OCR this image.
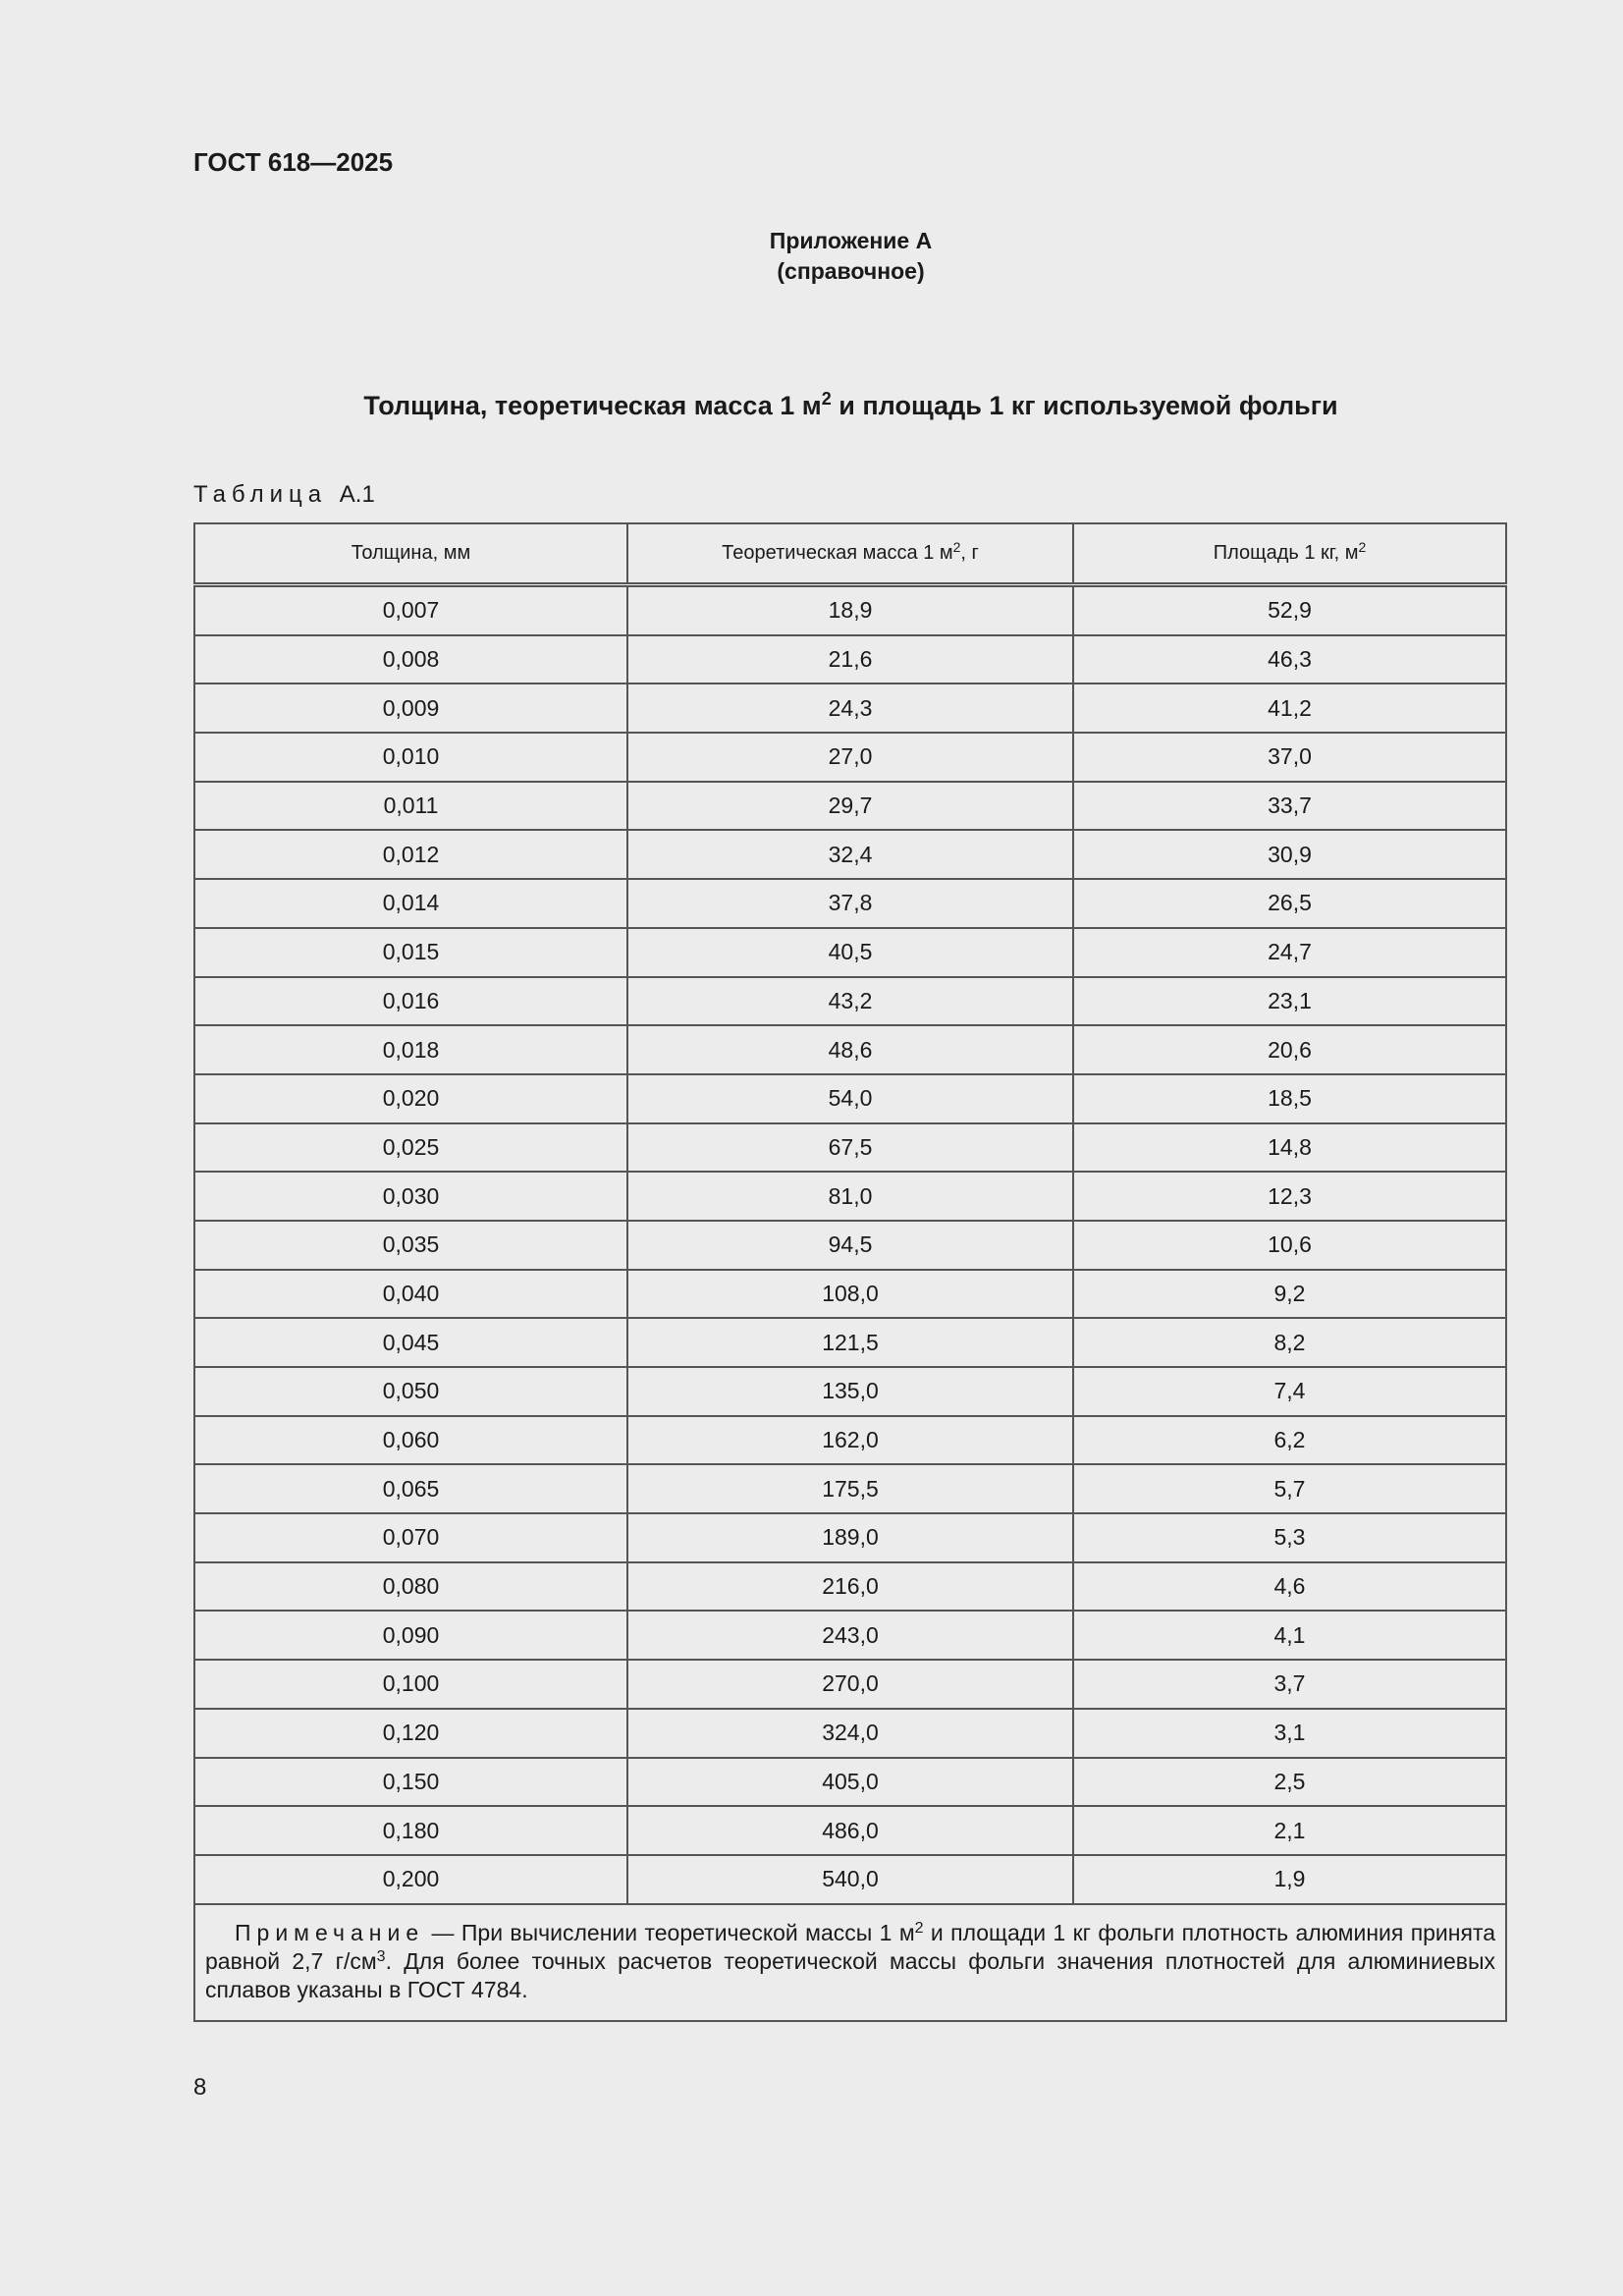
ГОСТ 618—2025
Приложение А
(справочное)
Толщина, теоретическая масса 1 $м^2$ и площадь 1 кг используемой фольги
Таблица А.1
Толщина, мм	Теоретическая масса 1 $м^2$, г	Площадь 1 кг, $м^2$
0,007	18,9	52,9
0,008	21,6	46,3
0,009	24,3	41,2
0,010	27,0	37,0
0,011	29,7	33,7
0,012	32,4	30,9
0,014	37,8	26,5
0,015	40,5	24,7
0,016	43,2	23,1
0,018	48,6	20,6
0,020	54,0	18,5
0,025	67,5	14,8
0,030	81,0	12,3
0,035	94,5	10,6
0,040	108,0	9,2
0,045	121,5	8,2
0,050	135,0	7,4
0,060	162,0	6,2
0,065	175,5	5,7
0,070	189,0	5,3
0,080	216,0	4,6
0,090	243,0	4,1
0,100	270,0	3,7
0,120	324,0	3,1
0,150	405,0	2,5
0,180	486,0	2,1
0,200	540,0	1,9
Примечание — При вычислении теоретической массы 1 $м^2$ и площади 1 кг фольги плотность алюминия принята равной 2,7 $г/см^3$. Для более точных расчетов теоретической массы фольги значения плотностей для алюминиевых сплавов указаны в ГОСТ 4784.		
8
